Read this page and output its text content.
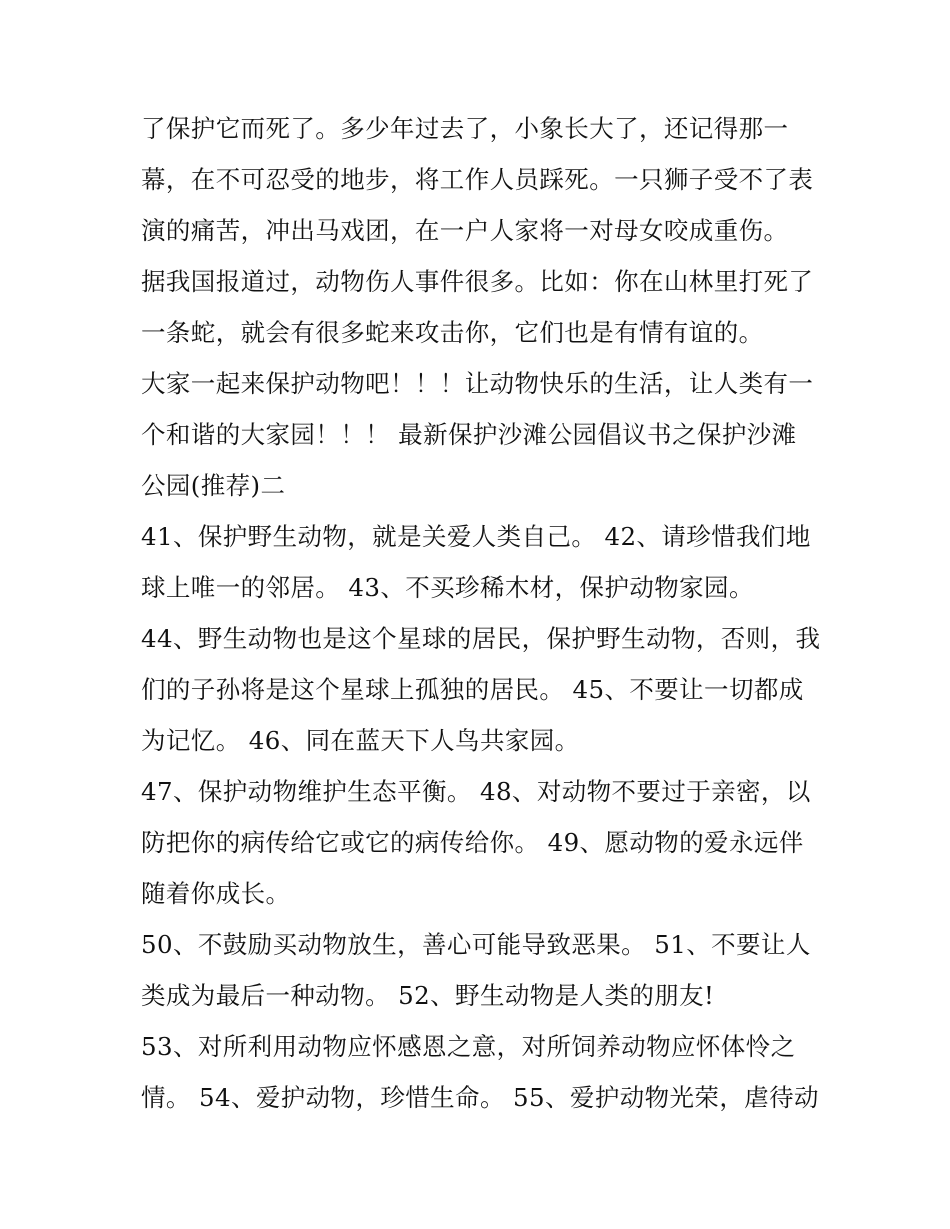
了保护它而死了。多少年过去了，小象长大了，还记得那一
幕，在不可忍受的地步，将工作人员踩死。一只狮子受不了表
演的痛苦，冲出马戏团，在一户人家将一对母女咬成重伤。
据我国报道过，动物伤人事件很多。比如：你在山林里打死了
一条蛇，就会有很多蛇来攻击你，它们也是有情有谊的。
大家一起来保护动物吧！！！让动物快乐的生活，让人类有一
个和谐的大家园！！！ 最新保护沙滩公园倡议书之保护沙滩
公园(推荐)二
41、保护野生动物，就是关爱人类自己。 42、请珍惜我们地
球上唯一的邻居。 43、不买珍稀木材，保护动物家园。
44、野生动物也是这个星球的居民，保护野生动物，否则，我
们的子孙将是这个星球上孤独的居民。 45、不要让一切都成
为记忆。 46、同在蓝天下人鸟共家园。
47、保护动物维护生态平衡。 48、对动物不要过于亲密，以
防把你的病传给它或它的病传给你。 49、愿动物的爱永远伴
随着你成长。
50、不鼓励买动物放生，善心可能导致恶果。 51、不要让人
类成为最后一种动物。 52、野生动物是人类的朋友!
53、对所利用动物应怀感恩之意，对所饲养动物应怀体怜之
情。 54、爱护动物，珍惜生命。 55、爱护动物光荣，虐待动
